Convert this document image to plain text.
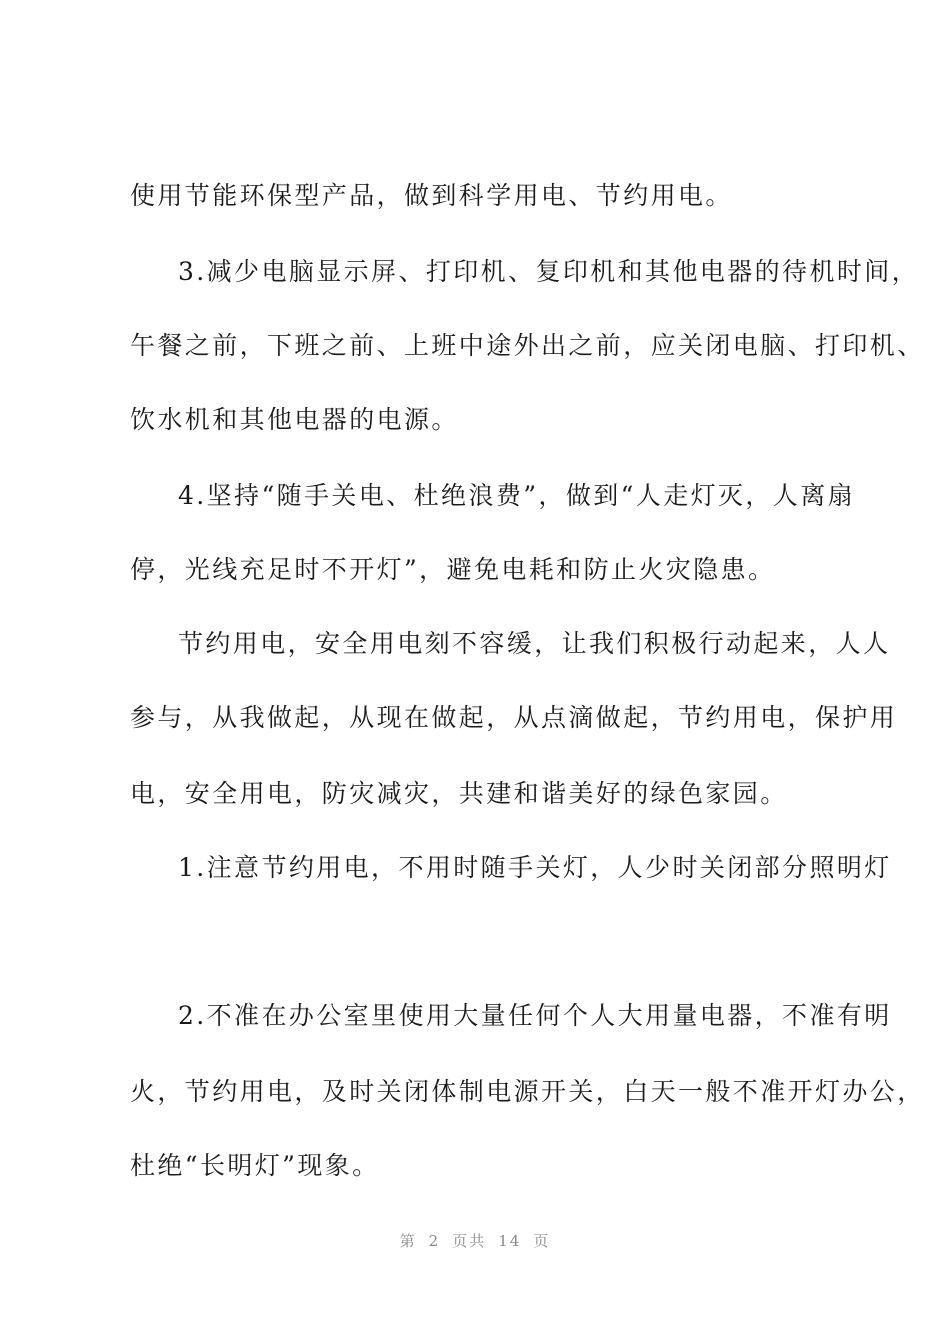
使用节能环保型产品，做到科学用电、节约用电。
3.减少电脑显示屏、打印机、复印机和其他电器的待机时间，
午餐之前，下班之前、上班中途外出之前，应关闭电脑、打印机、
饮水机和其他电器的电源。
4.坚持“随手关电、杜绝浪费”，做到“人走灯灭，人离扇
停，光线充足时不开灯”，避免电耗和防止火灾隐患。
节约用电，安全用电刻不容缓，让我们积极行动起来，人人
参与，从我做起，从现在做起，从点滴做起，节约用电，保护用
电，安全用电，防灾减灾，共建和谐美好的绿色家园。
1.注意节约用电，不用时随手关灯，人少时关闭部分照明灯
2.不准在办公室里使用大量任何个人大用量电器，不准有明
火，节约用电，及时关闭体制电源开关，白天一般不准开灯办公，
杜绝“长明灯”现象。
第 2 页共 14 页
